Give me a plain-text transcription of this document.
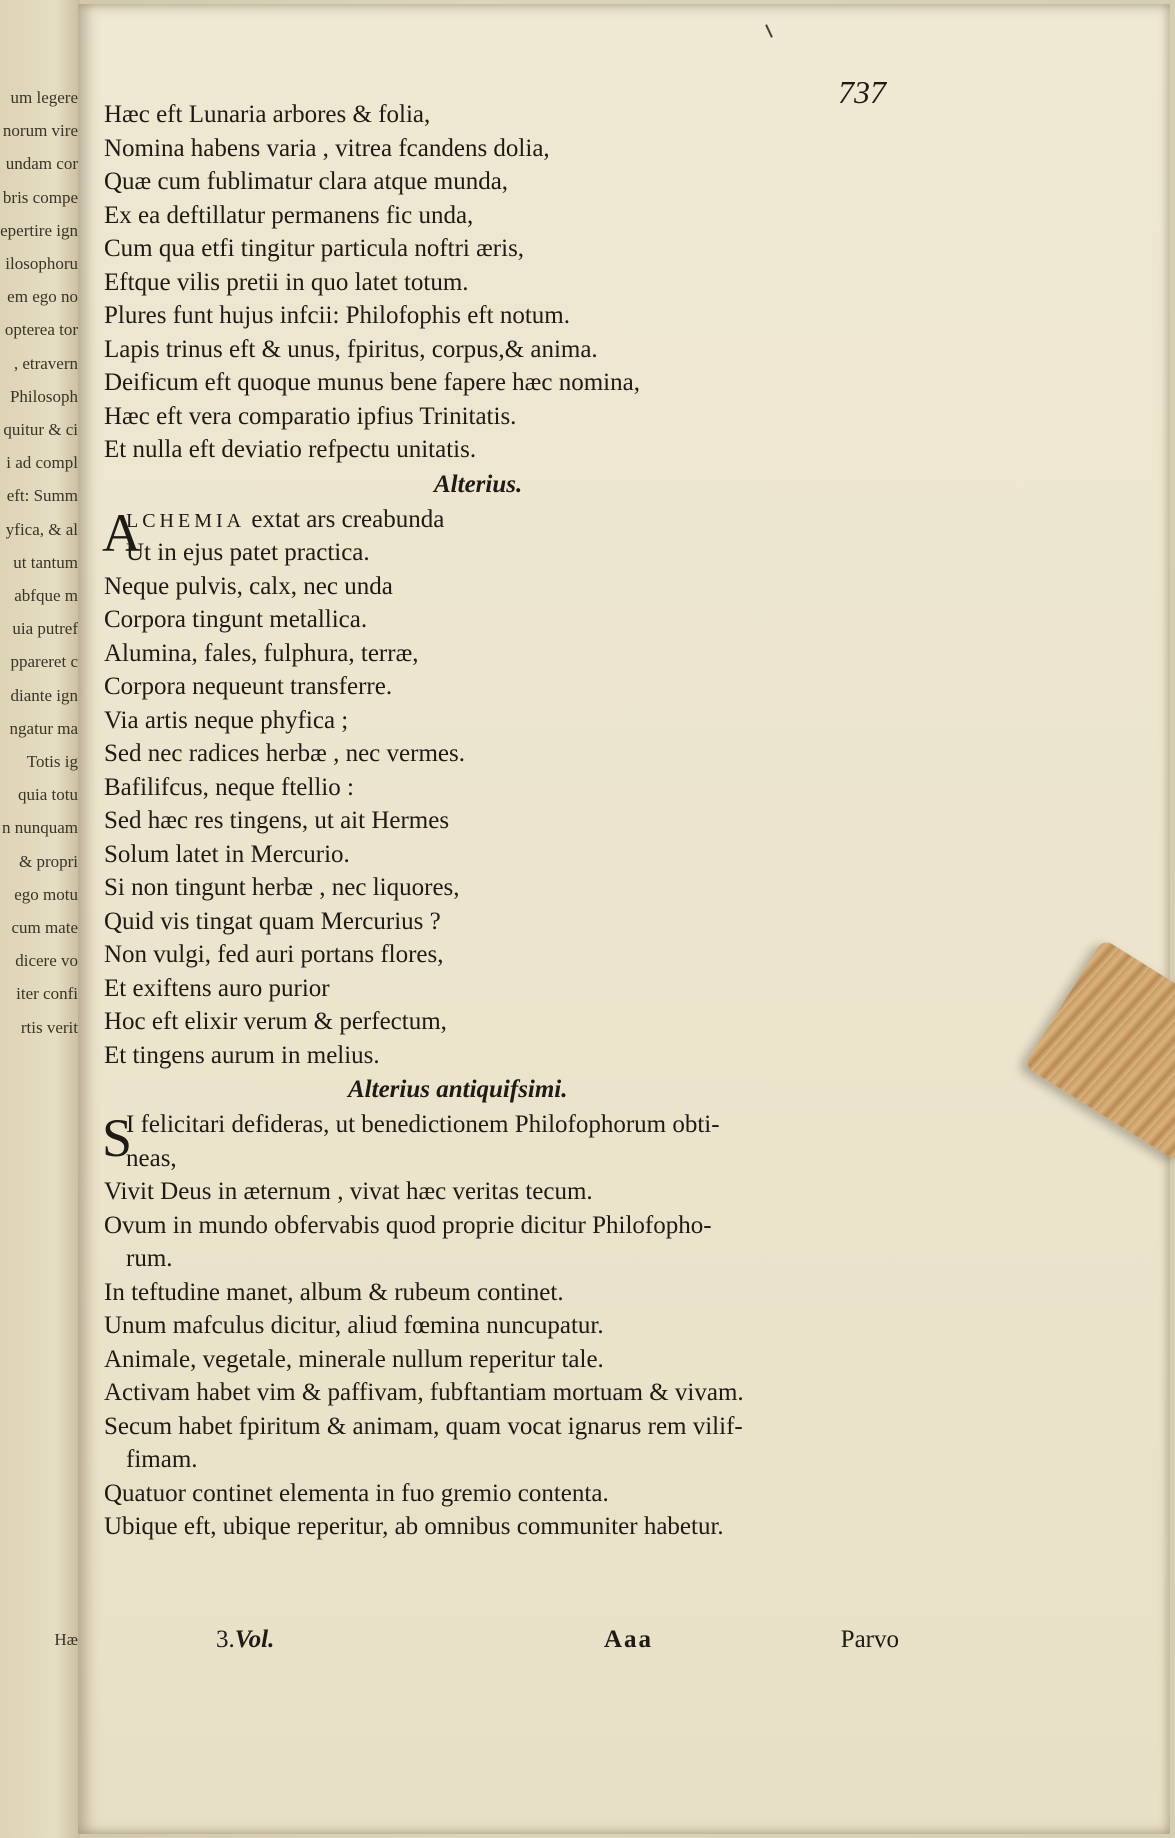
um legere
norum vire
undam cor
bris compe
epertire ign
ilosophoru
em ego no
opterea tor
, etravern
Philosoph
quitur & ci
i ad compl
eft: Summ
yfica, & al
ut tantum
abfque m
uia putref
ppareret c
diante ign
ngatur ma
Totis ig
quia totu
n nunquam
& propri
ego motu
cum mate
dicere vo
iter confi
rtis verit
Hæ
737
Hæc eft Lunaria arbores & folia,
Nomina habens varia , vitrea fcandens dolia,
Quæ cum fublimatur clara atque munda,
Ex ea deftillatur permanens fic unda,
Cum qua etfi tingitur particula noftri æris,
Eftque vilis pretii in quo latet totum.
Plures funt hujus infcii: Philofophis eft notum.
Lapis trinus eft & unus, fpiritus, corpus,& anima.
Deificum eft quoque munus bene fapere hæc nomina,
Hæc eft vera comparatio ipfius Trinitatis.
Et nulla eft deviatio refpectu unitatis.
Alterius.
A
LCHEMIA extat ars creabunda
Ut in ejus patet practica.
Neque pulvis, calx, nec unda
Corpora tingunt metallica.
Alumina, fales, fulphura, terræ,
Corpora nequeunt transferre.
Via artis neque phyfica ;
Sed nec radices herbæ , nec vermes.
Bafilifcus, neque ftellio :
Sed hæc res tingens, ut ait Hermes
Solum latet in Mercurio.
Si non tingunt herbæ , nec liquores,
Quid vis tingat quam Mercurius ?
Non vulgi, fed auri portans flores,
Et exiftens auro purior
Hoc eft elixir verum & perfectum,
Et tingens aurum in melius.
Alterius antiquifsimi.
S
I felicitari defideras, ut benedictionem Philofophorum obti-
neas,
Vivit Deus in æternum , vivat hæc veritas tecum.
Ovum in mundo obfervabis quod proprie dicitur Philofopho-
rum.
In teftudine manet, album & rubeum continet.
Unum mafculus dicitur, aliud fœmina nuncupatur.
Animale, vegetale, minerale nullum reperitur tale.
Activam habet vim & paffivam, fubftantiam mortuam & vivam.
Secum habet fpiritum & animam, quam vocat ignarus rem vilif-
fimam.
Quatuor continet elementa in fuo gremio contenta.
Ubique eft, ubique reperitur, ab omnibus communiter habetur.
3.Vol.	Aaa	Parvo
